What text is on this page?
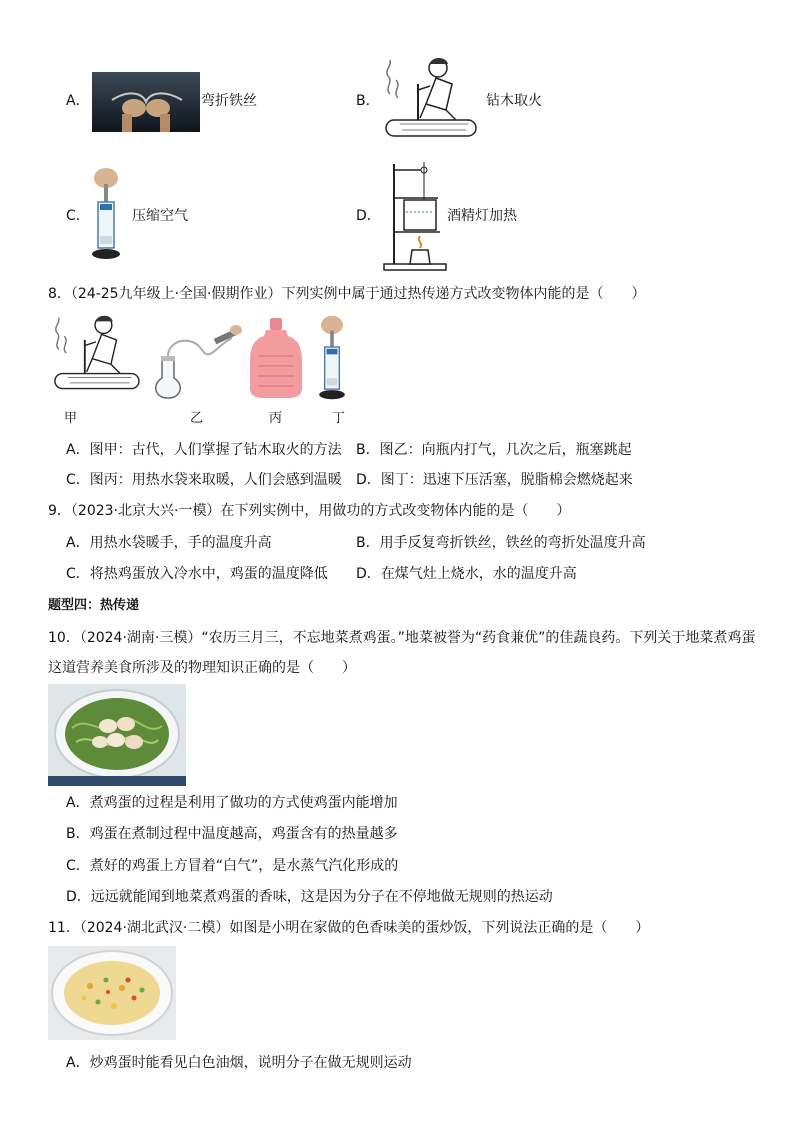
A．	弯折铁丝	B．	钻木取火
C．	压缩空气	D．	酒精灯加热
8．（24-25九年级上·全国·假期作业）下列实例中属于通过热传递方式改变物体内能的是（　　）
甲	乙	丙	丁
A．图甲：古代，人们掌握了钻木取火的方法 B．图乙：向瓶内打气，几次之后，瓶塞跳起
C．图丙：用热水袋来取暖，人们会感到温暖 D．图丁：迅速下压活塞，脱脂棉会燃烧起来
9．（2023·北京大兴·一模）在下列实例中，用做功的方式改变物体内能的是（　　）
A．用热水袋暖手，手的温度升高	B．用手反复弯折铁丝，铁丝的弯折处温度升高
C．将热鸡蛋放入冷水中，鸡蛋的温度降低 D．在煤气灶上烧水，水的温度升高
题型四：热传递
10．（2024·湖南·三模）“农历三月三，不忘地菜煮鸡蛋。”地菜被誉为“药食兼优”的佳蔬良药。下列关于地菜煮鸡蛋
这道营养美食所涉及的物理知识正确的是（　　）
A．煮鸡蛋的过程是利用了做功的方式使鸡蛋内能增加
B．鸡蛋在煮制过程中温度越高，鸡蛋含有的热量越多
C．煮好的鸡蛋上方冒着“白气”，是水蒸气汽化形成的
D．远远就能闻到地菜煮鸡蛋的香味，这是因为分子在不停地做无规则的热运动
11．（2024·湖北武汉·二模）如图是小明在家做的色香味美的蛋炒饭，下列说法正确的是（　　）
A．炒鸡蛋时能看见白色油烟，说明分子在做无规则运动
